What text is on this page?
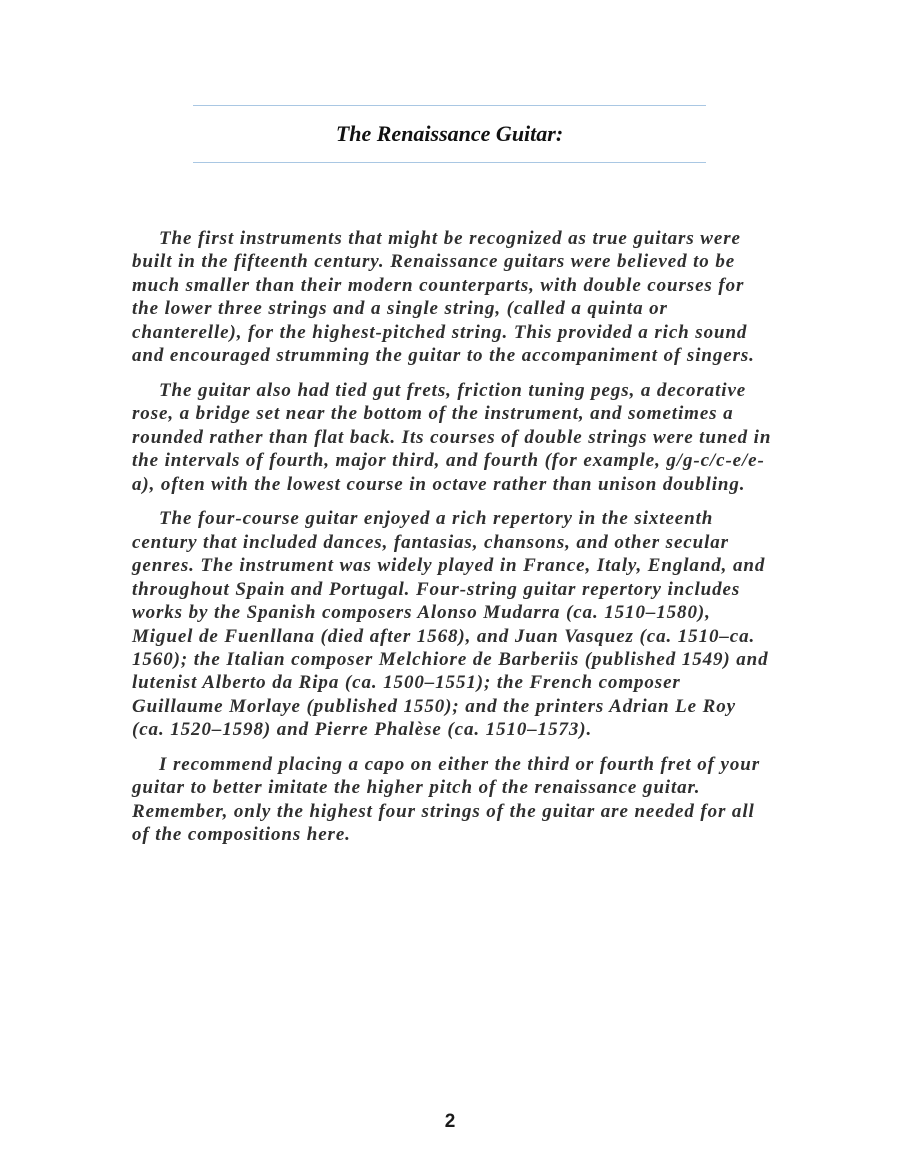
The Renaissance Guitar:

The first instruments that might be recognized as true guitars were built in the fifteenth century. Renaissance guitars were believed to be much smaller than their modern counterparts, with double courses for the lower three strings and a single string, (called a quinta or chanterelle), for the highest-pitched string. This provided a rich sound and encouraged strumming the guitar to the accompaniment of singers.

The guitar also had tied gut frets, friction tuning pegs, a decorative rose, a bridge set near the bottom of the instrument, and sometimes a rounded rather than flat back. Its courses of double strings were tuned in the intervals of fourth, major third, and fourth (for example, g/g-c/c-e/e-a), often with the lowest course in octave rather than unison doubling.

The four-course guitar enjoyed a rich repertory in the sixteenth century that included dances, fantasias, chansons, and other secular genres. The instrument was widely played in France, Italy, England, and throughout Spain and Portugal. Four-string guitar repertory includes works by the Spanish composers Alonso Mudarra (ca. 1510–1580), Miguel de Fuenllana (died after 1568), and Juan Vasquez (ca. 1510–ca. 1560); the Italian composer Melchiore de Barberiis (published 1549) and lutenist Alberto da Ripa (ca. 1500–1551); the French composer Guillaume Morlaye (published 1550); and the printers Adrian Le Roy (ca. 1520–1598) and Pierre Phalèse (ca. 1510–1573).

I recommend placing a capo on either the third or fourth fret of your guitar to better imitate the higher pitch of the renaissance guitar. Remember, only the highest four strings of the guitar are needed for all of the compositions here.

2
